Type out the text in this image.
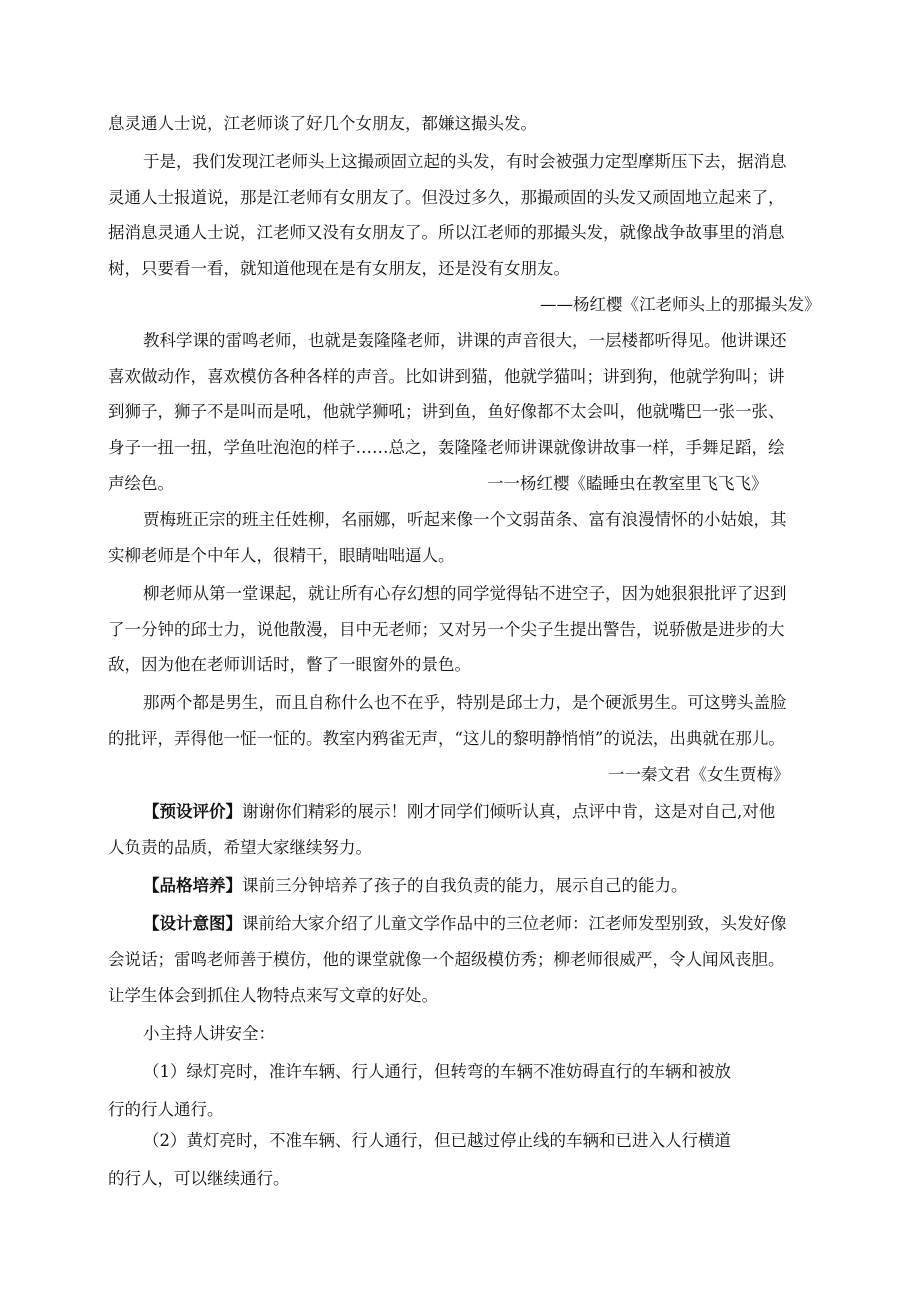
息灵通人士说，江老师谈了好几个女朋友，都嫌这撮头发。

于是，我们发现江老师头上这撮顽固立起的头发，有时会被强力定型摩斯压下去，据消息

灵通人士报道说，那是江老师有女朋友了。但没过多久，那撮顽固的头发又顽固地立起来了，

据消息灵通人士说，江老师又没有女朋友了。所以江老师的那撮头发，就像战争故事里的消息

树，只要看一看，就知道他现在是有女朋友，还是没有女朋友。

——杨红樱《江老师头上的那撮头发》

教科学课的雷鸣老师，也就是轰隆隆老师，讲课的声音很大，一层楼都听得见。他讲课还

喜欢做动作，喜欢模仿各种各样的声音。比如讲到猫，他就学猫叫；讲到狗，他就学狗叫；讲

到狮子，狮子不是叫而是吼，他就学狮吼；讲到鱼，鱼好像都不太会叫，他就嘴巴一张一张、

身子一扭一扭，学鱼吐泡泡的样子……总之，轰隆隆老师讲课就像讲故事一样，手舞足蹈，绘

声绘色。	一一杨红樱《瞌睡虫在教室里飞飞飞》

贾梅班正宗的班主任姓柳，名丽娜，听起来像一个文弱苗条、富有浪漫情怀的小姑娘，其

实柳老师是个中年人，很精干，眼睛咄咄逼人。

柳老师从第一堂课起，就让所有心存幻想的同学觉得钻不进空子，因为她狠狠批评了迟到

了一分钟的邱士力，说他散漫，目中无老师；又对另一个尖子生提出警告，说骄傲是进步的大

敌，因为他在老师训话时，瞥了一眼窗外的景色。

那两个都是男生，而且自称什么也不在乎，特别是邱士力，是个硬派男生。可这劈头盖脸

的批评，弄得他一怔一怔的。教室内鸦雀无声，“这儿的黎明静悄悄”的说法，出典就在那儿。

一一秦文君《女生贾梅》

【预设评价】谢谢你们精彩的展示！刚才同学们倾听认真，点评中肯，这是对自己,对他

人负责的品质，希望大家继续努力。

【品格培养】课前三分钟培养了孩子的自我负责的能力，展示自己的能力。

【设计意图】课前给大家介绍了儿童文学作品中的三位老师：江老师发型别致，头发好像

会说话；雷鸣老师善于模仿，他的课堂就像一个超级模仿秀；柳老师很威严，令人闻风丧胆。

让学生体会到抓住人物特点来写文章的好处。

小主持人讲安全：

（1）绿灯亮时，准许车辆、行人通行，但转弯的车辆不准妨碍直行的车辆和被放

行的行人通行。

（2）黄灯亮时，不准车辆、行人通行，但已越过停止线的车辆和已进入人行横道

的行人，可以继续通行。
